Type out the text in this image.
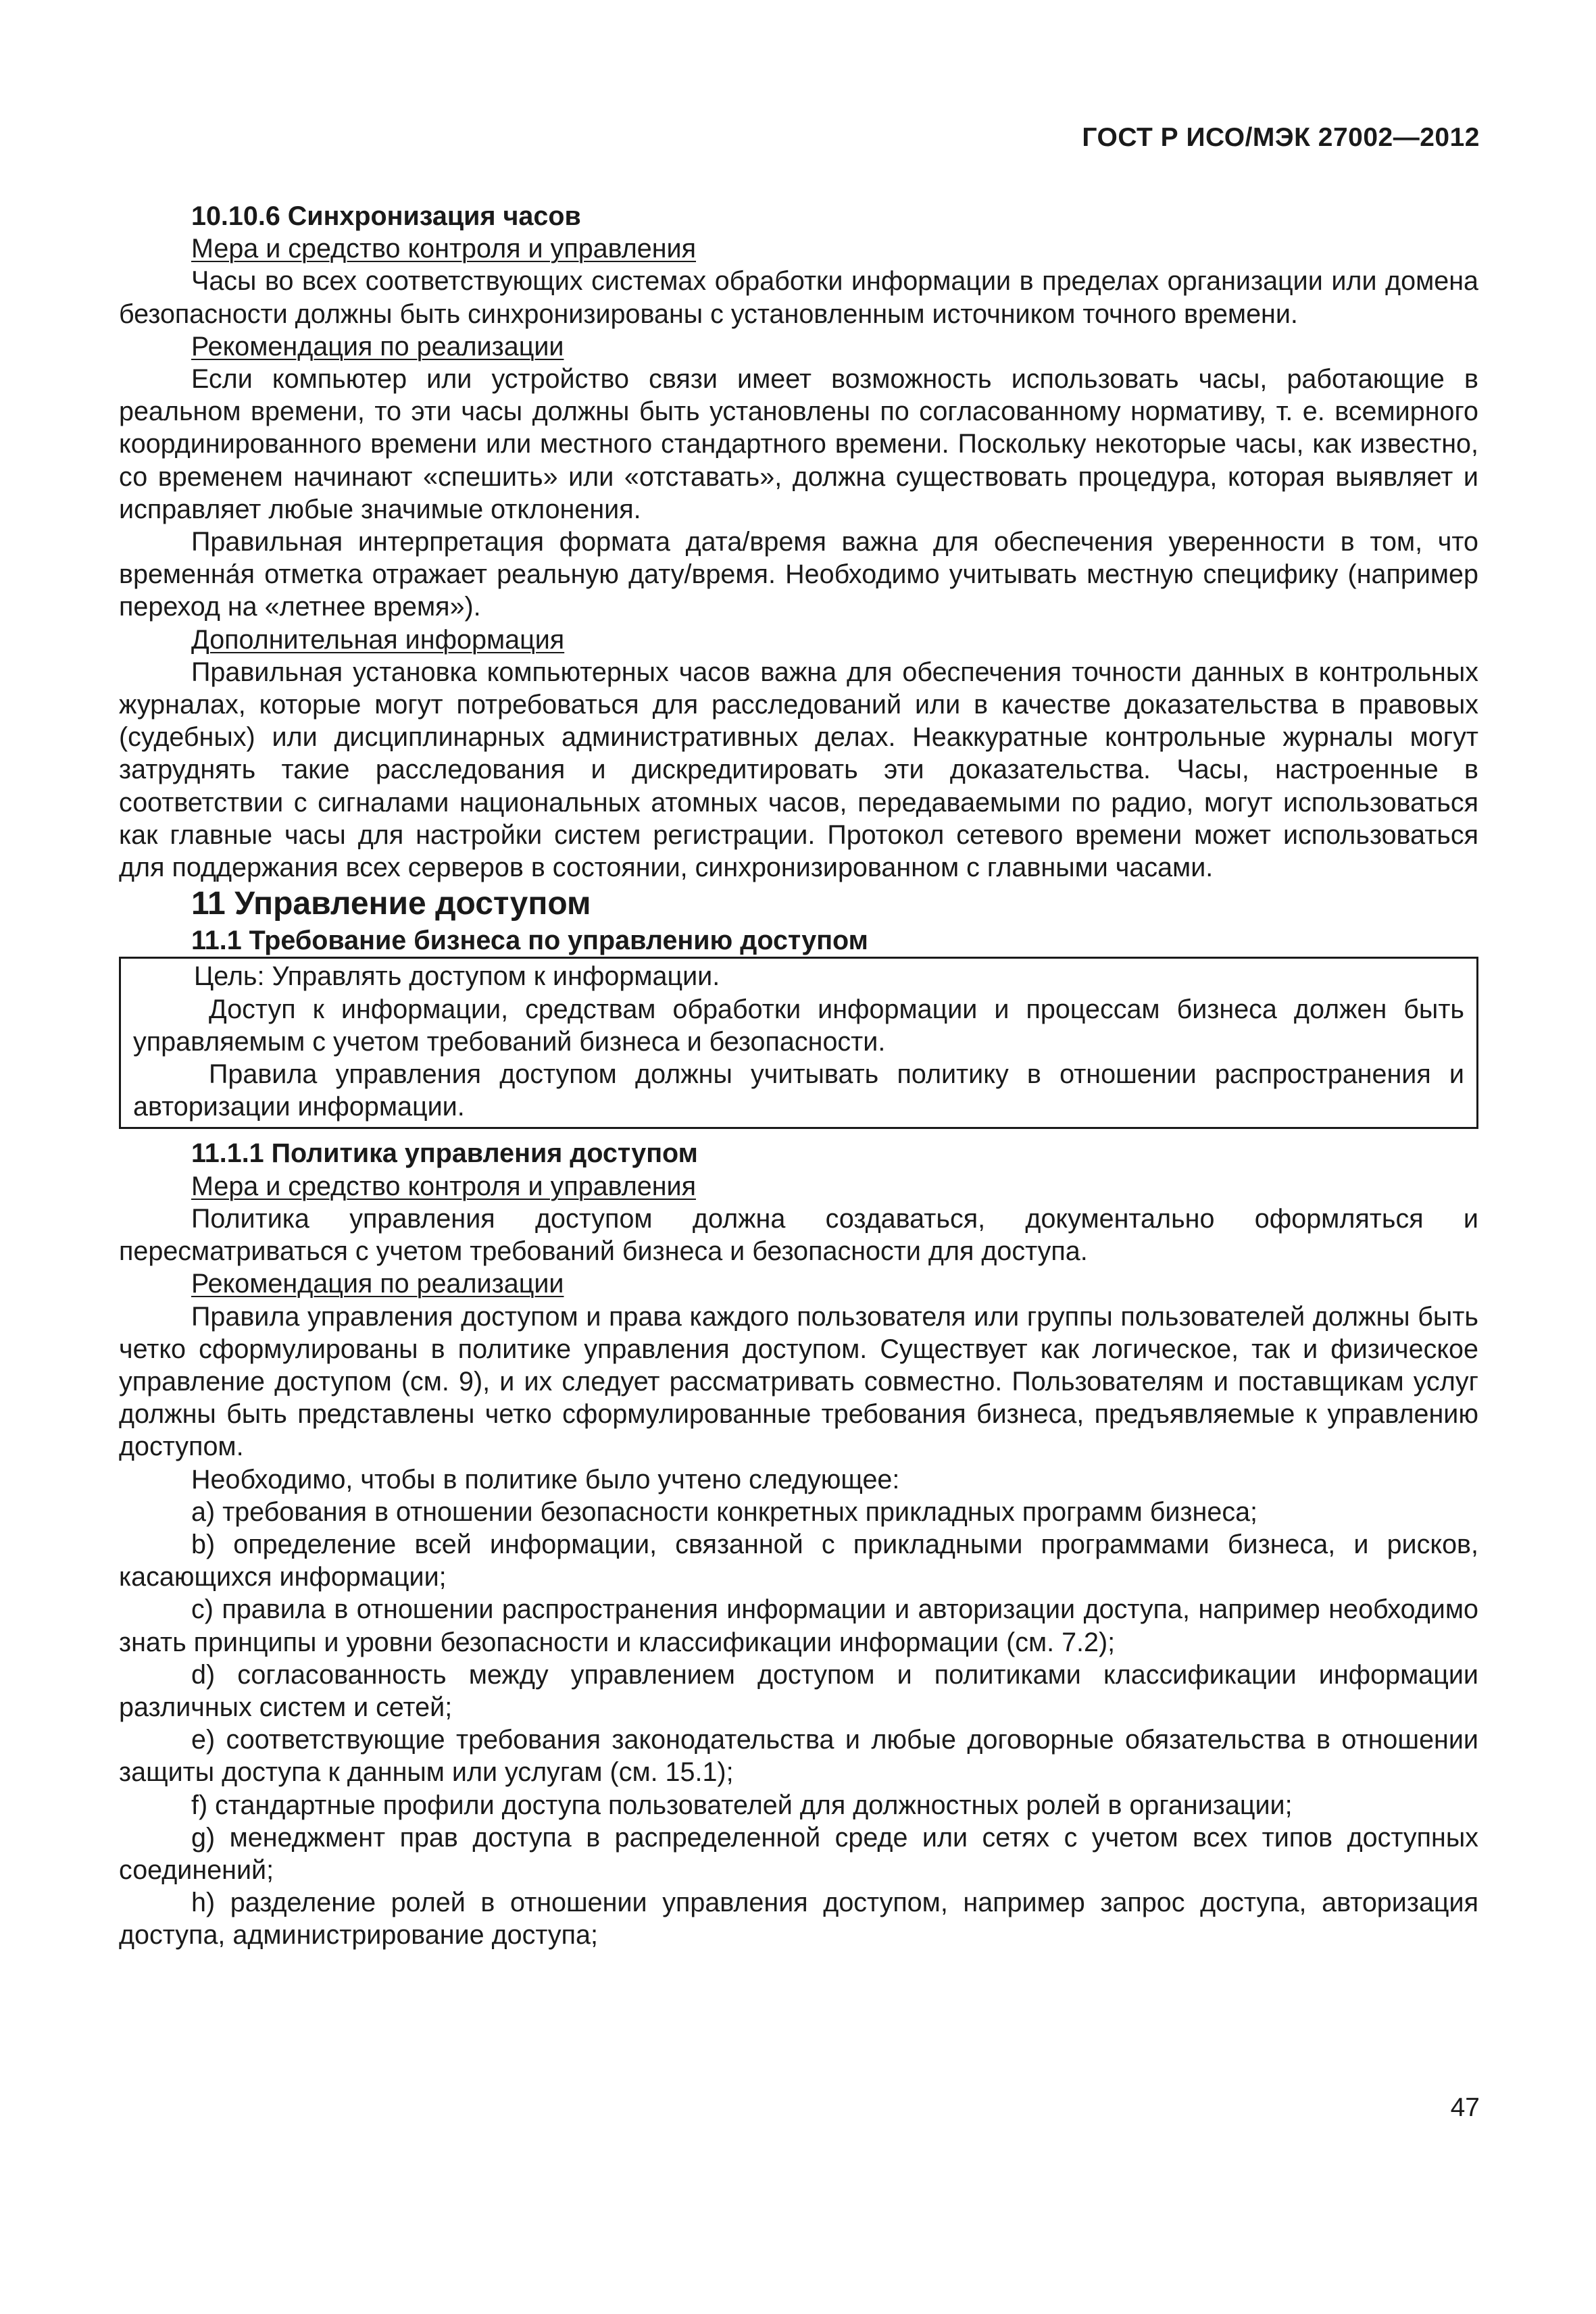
ГОСТ Р ИСО/МЭК 27002—2012

10.10.6 Синхронизация часов

Мера и средство контроля и управления

Часы во всех соответствующих системах обработки информации в пределах организации или домена безопасности должны быть синхронизированы с установленным источником точного времени.

Рекомендация по реализации

Если компьютер или устройство связи имеет возможность использовать часы, работающие в реальном времени, то эти часы должны быть установлены по согласованному нормативу, т. е. всемирного координированного времени или местного стандартного времени. Поскольку некоторые часы, как известно, со временем начинают «спешить» или «отставать», должна существовать процедура, которая выявляет и исправляет любые значимые отклонения.

Правильная интерпретация формата дата/время важна для обеспечения уверенности в том, что временна́я отметка отражает реальную дату/время. Необходимо учитывать местную специфику (например переход на «летнее время»).

Дополнительная информация

Правильная установка компьютерных часов важна для обеспечения точности данных в контрольных журналах, которые могут потребоваться для расследований или в качестве доказательства в правовых (судебных) или дисциплинарных административных делах. Неаккуратные контрольные журналы могут затруднять такие расследования и дискредитировать эти доказательства. Часы, настроенные в соответствии с сигналами национальных атомных часов, передаваемыми по радио, могут использоваться как главные часы для настройки систем регистрации. Протокол сетевого времени может использоваться для поддержания всех серверов в состоянии, синхронизированном с главными часами.

11 Управление доступом

11.1 Требование бизнеса по управлению доступом

Цель: Управлять доступом к информации.

Доступ к информации, средствам обработки информации и процессам бизнеса должен быть управляемым с учетом требований бизнеса и безопасности.

Правила управления доступом должны учитывать политику в отношении распространения и авторизации информации.

11.1.1 Политика управления доступом

Мера и средство контроля и управления

Политика управления доступом должна создаваться, документально оформляться и пересматриваться с учетом требований бизнеса и безопасности для доступа.

Рекомендация по реализации

Правила управления доступом и права каждого пользователя или группы пользователей должны быть четко сформулированы в политике управления доступом. Существует как логическое, так и физическое управление доступом (см. 9), и их следует рассматривать совместно. Пользователям и поставщикам услуг должны быть представлены четко сформулированные требования бизнеса, предъявляемые к управлению доступом.

Необходимо, чтобы в политике было учтено следующее:

a) требования в отношении безопасности конкретных прикладных программ бизнеса;

b) определение всей информации, связанной с прикладными программами бизнеса, и рисков, касающихся информации;

c) правила в отношении распространения информации и авторизации доступа, например необходимо знать принципы и уровни безопасности и классификации информации (см. 7.2);

d) согласованность между управлением доступом и политиками классификации информации различных систем и сетей;

e) соответствующие требования законодательства и любые договорные обязательства в отношении защиты доступа к данным или услугам (см. 15.1);

f) стандартные профили доступа пользователей для должностных ролей в организации;

g) менеджмент прав доступа в распределенной среде или сетях с учетом всех типов доступных соединений;

h) разделение ролей в отношении управления доступом, например запрос доступа, авторизация доступа, администрирование доступа;

47
